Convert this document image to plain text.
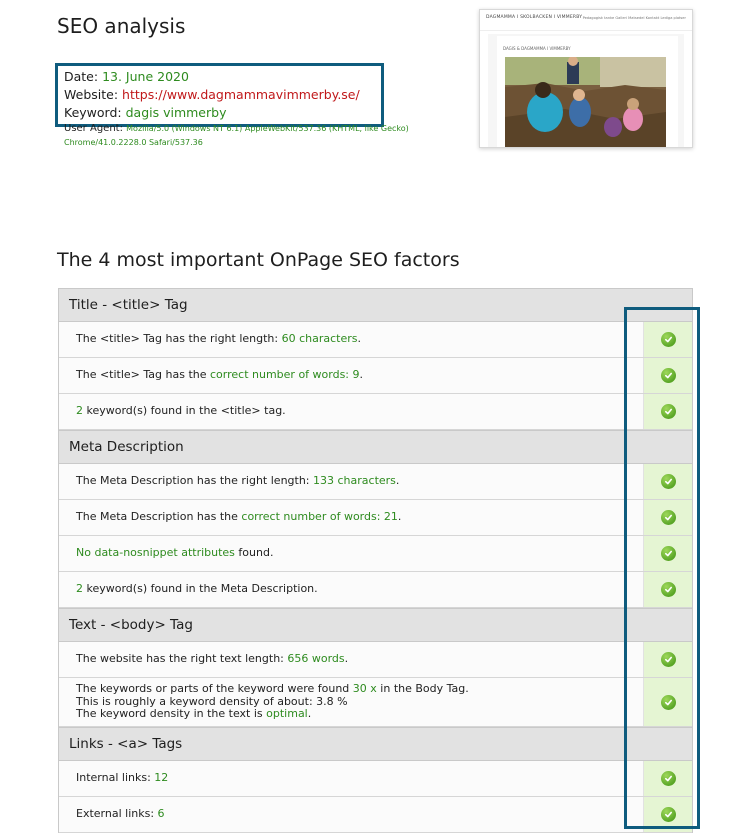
SEO analysis
Date: 13. June 2020
Website: https://www.dagmammavimmerby.se/
Keyword: dagis vimmerby
User Agent: Mozilla/5.0 (Windows NT 6.1) AppleWebKit/537.36 (KHTML, like Gecko) Chrome/41.0.2228.0 Safari/537.36
DAGMAMMA I SKOLBACKEN I VIMMERBY Pedagogisk tanke Galleri Matsedel Kontakt Lediga platser
DAGIS & DAGMAMMA I VIMMERBY
The 4 most important OnPage SEO factors
Title - <title> Tag
The <title> Tag has the right length: 60 characters.
The <title> Tag has the correct number of words: 9.
2 keyword(s) found in the <title> tag.
Meta Description
The Meta Description has the right length: 133 characters.
The Meta Description has the correct number of words: 21.
No data-nosnippet attributes found.
2 keyword(s) found in the Meta Description.
Text - <body> Tag
The website has the right text length: 656 words.
The keywords or parts of the keyword were found 30 x in the Body Tag.
This is roughly a keyword density of about: 3.8 %
The keyword density in the text is optimal.
Links - <a> Tags
Internal links: 12
External links: 6
